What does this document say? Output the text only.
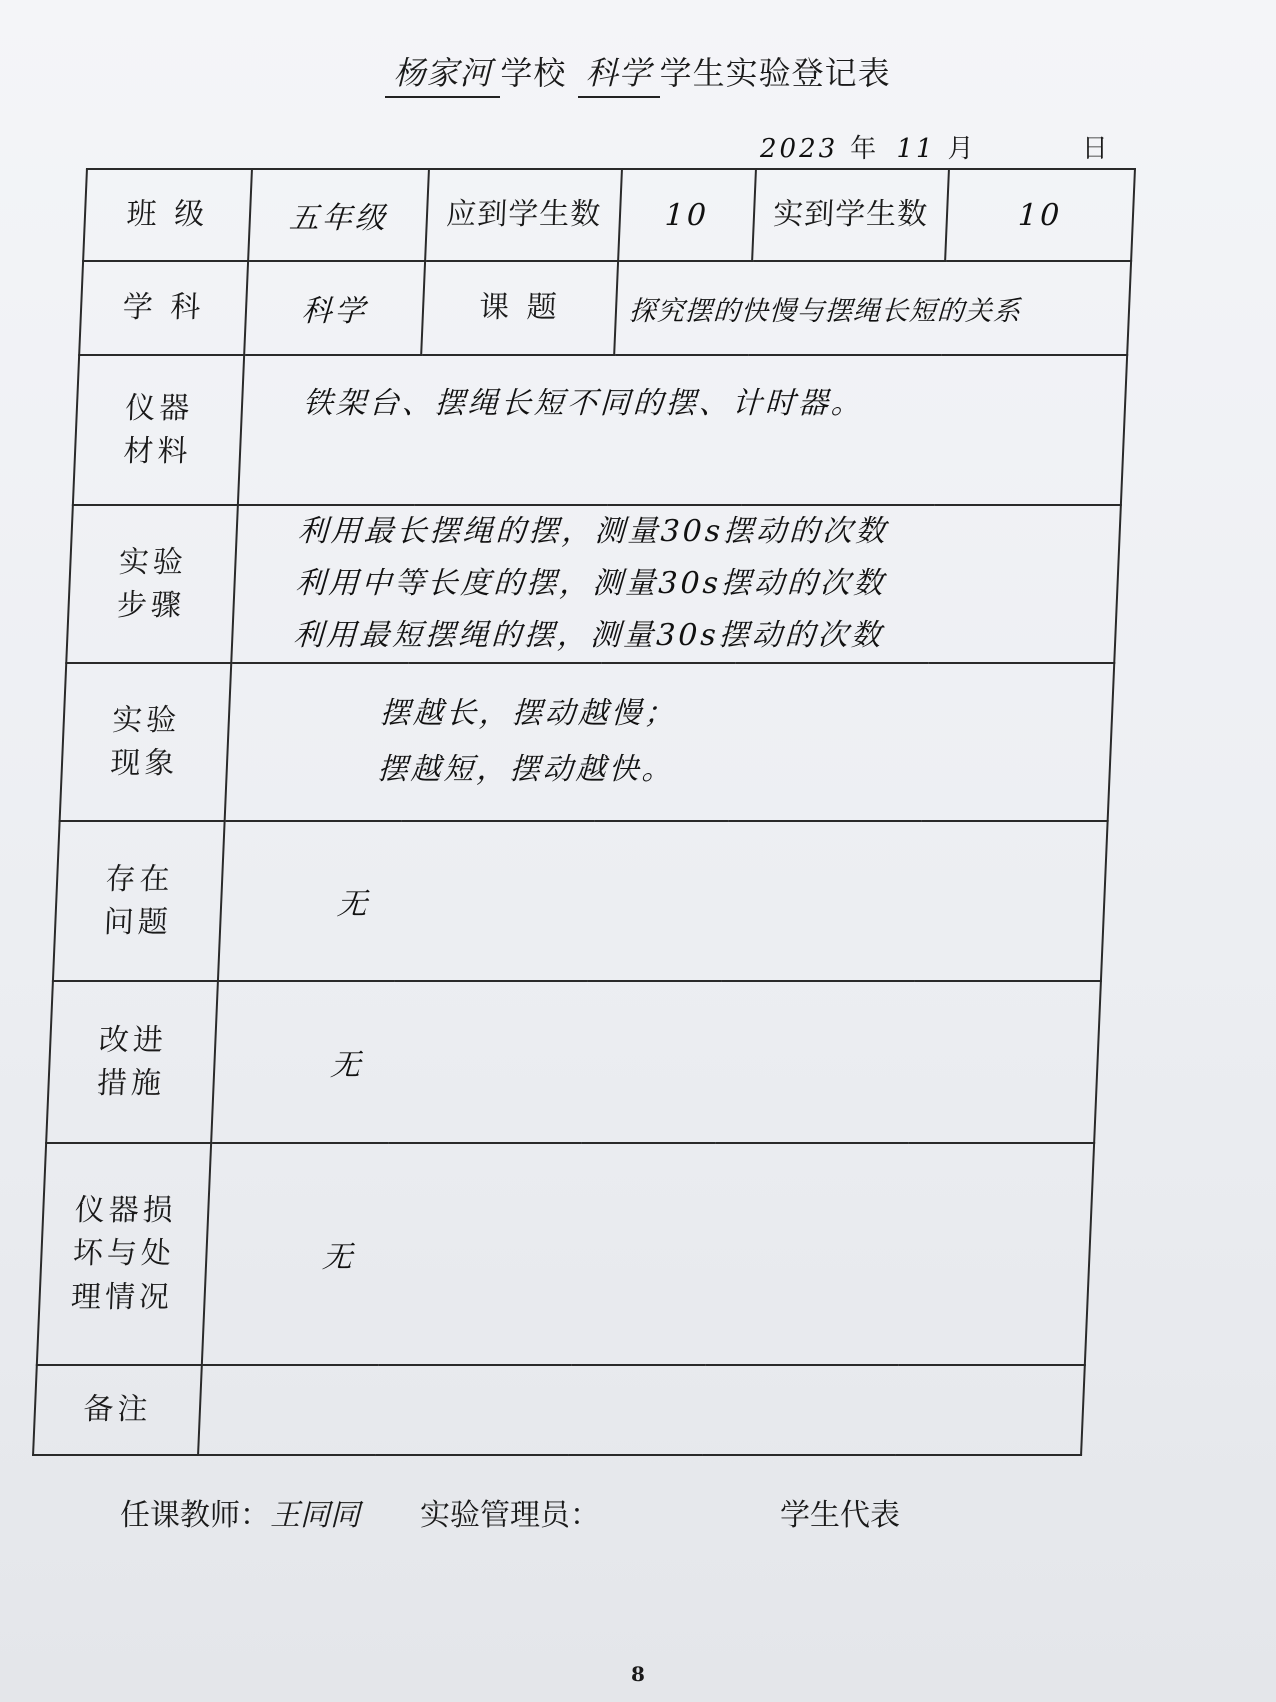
杨家河 学校 科学 学生实验登记表
2023 年 11 月	日
班 级	五年级	应到学生数	10	实到学生数	10
学 科	科学	课 题	探究摆的快慢与摆绳长短的关系		

仪器材料	铁架台、摆绳长短不同的摆、计时器。				

实验步骤	利用最长摆绳的摆，测量30s摆动的次数
利用中等长度的摆，测量30s摆动的次数
利用最短摆绳的摆，测量30s摆动的次数				

实验现象	摆越长，摆动越慢；
摆越短，摆动越快。				

存在问题	无				

改进措施	无				

仪器损坏与处理情况	无				
备注					
任课教师：王同同 实验管理员：	学生代表
8
